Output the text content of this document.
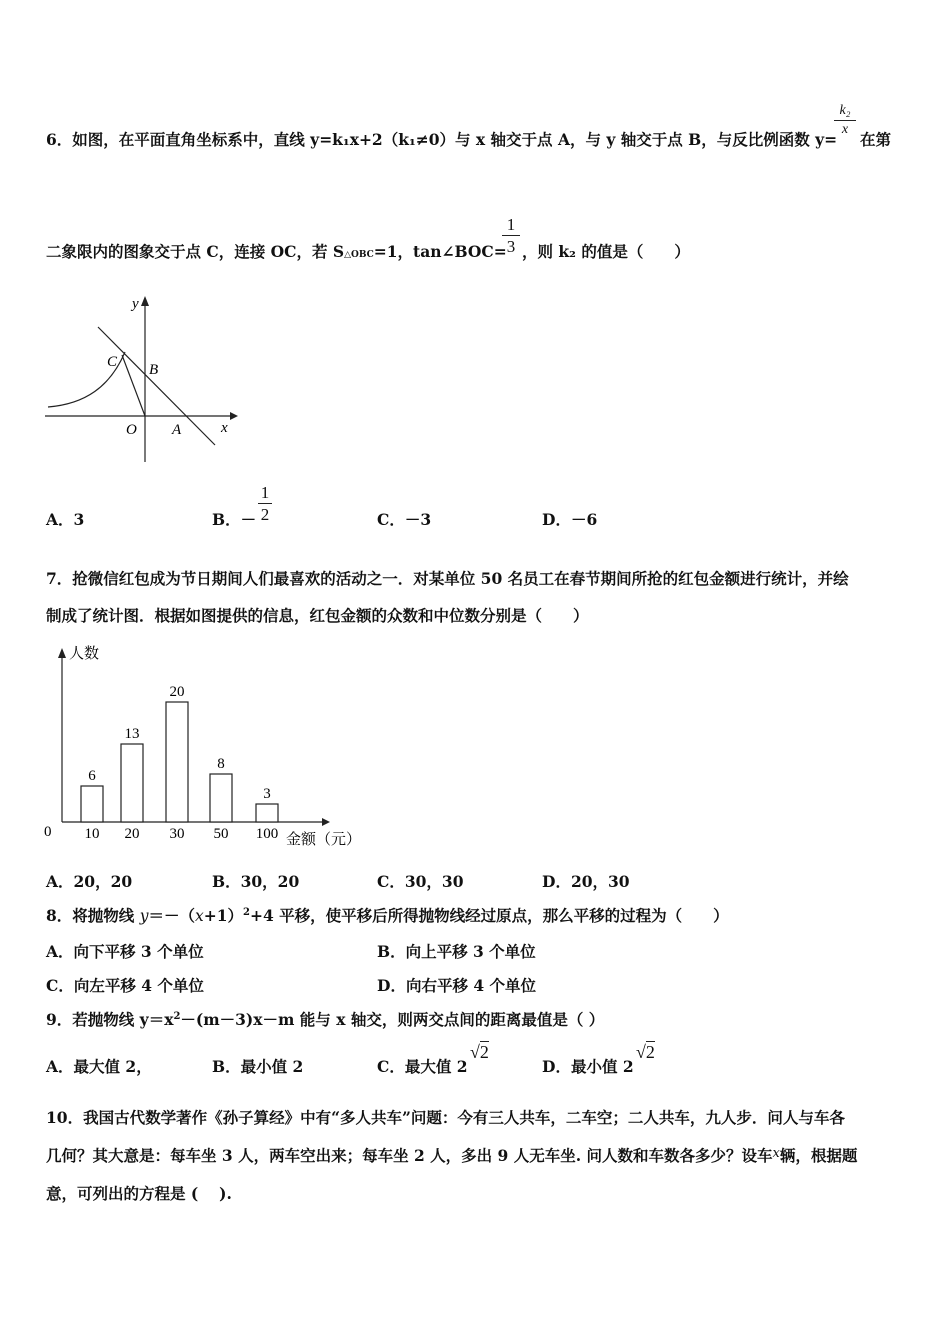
6．如图，在平面直角坐标系中，直线 y=k₁x+2（k₁≠0）与 x 轴交于点 A，与 y 轴交于点 B，与反比例函数 y=
k₂
x
在第
二象限内的图象交于点 C，连接 OC，若 S△OBC=1，tan∠BOC=
1
3 ，则 k₂ 的值是（　　）
y
x
C B
O A
A．3	B．－
1
2	C．－3	D．－6
7．抢微信红包成为节日期间人们最喜欢的活动之一．对某单位 50 名员工在春节期间所抢的红包金额进行统计，并绘
制成了统计图．根据如图提供的信息，红包金额的众数和中位数分别是（　　）
人数
金额（元）
0
6
10
13
20
20
30
8
50
3
100
A．20，20	B．30，20	C．30，30	D．20，30
8．将抛物线 $y=-(x+1)^2+4$ 平移，使平移后所得抛物线经过原点，那么平移的过程为（　　）
A．向下平移 3 个单位	B．向上平移 3 个单位
C．向左平移 4 个单位	D．向右平移 4 个单位
9．若抛物线 $y=x^2-(m-3)x-m$ 能与 x 轴交，则两交点间的距离最值是（ ）
A．最大值 2，	B．最小值 2	C．最大值 2
√2
D．最小值 2
√2
10．我国古代数学著作《孙子算经》中有“多人共车”问题：今有三人共车，二车空；二人共车，九人步．问人与车各
几何？其大意是：每车坐 3 人，两车空出来；每车坐 2 人，多出 9 人无车坐. 问人数和车数各多少？设车$^x$辆，根据题
意，可列出的方程是 (　 ).
